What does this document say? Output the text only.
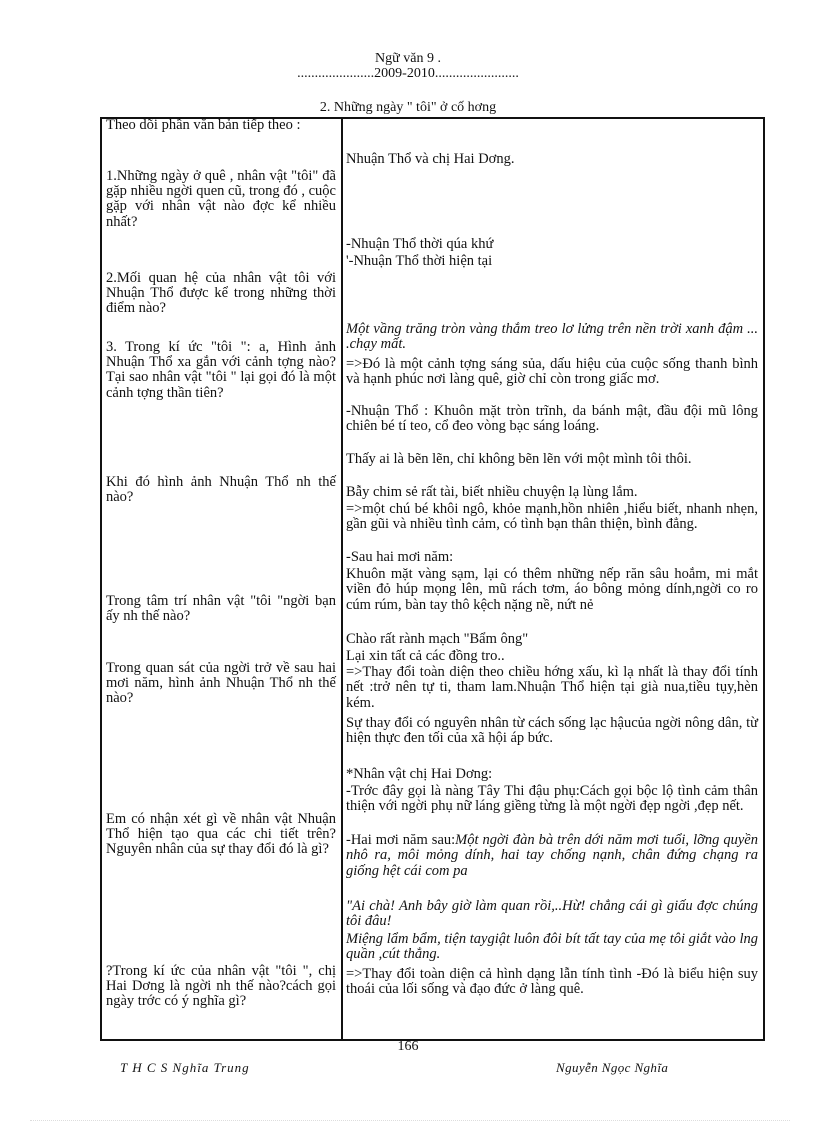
Ngữ văn 9 .
......................2009-2010........................
2. Những ngày " tôi" ở cố hơng
Theo dõi phần văn bản tiếp theo :
1.Những ngày ở quê , nhân vật "tôi" đã gặp nhiều ngời quen cũ, trong đó , cuộc gặp với nhân vật nào đợc kể nhiều nhất?
2.Mối quan hệ của nhân vật tôi với Nhuận Thổ được kể trong những thời điểm nào?
3. Trong kí ức "tôi ": a, Hình ảnh Nhuận Thổ xa gắn với cảnh tợng nào? Tại sao nhân vật "tôi " lại gọi đó là một cảnh tợng thần tiên?
Khi đó hình ảnh Nhuận Thổ nh thế nào?
Trong tâm trí nhân vật "tôi "ngời bạn ấy nh thế nào?
Trong quan sát của ngời trở về sau hai mơi năm, hình ảnh Nhuận Thổ nh thế nào?
Em có nhận xét gì về nhân vật Nhuận Thổ hiện tạo qua các chi tiết trên? Nguyên nhân của sự thay đổi đó là gì?
?Trong kí ức của nhân vật "tôi ", chị Hai Dơng là ngời nh thế nào?cách gọi ngày trớc có ý nghĩa gì?
Nhuận Thổ và chị Hai Dơng.
-Nhuận Thổ thời qúa khứ
'-Nhuận Thổ thời hiện tại
Một vầng trăng tròn vàng thắm treo lơ lửng trên nền trời xanh đậm ... .chạy mất.
=>Đó là một cảnh tợng sáng sủa, dấu hiệu của cuộc sống thanh bình và hạnh phúc nơi làng quê, giờ chỉ còn trong giấc mơ.
-Nhuận Thổ : Khuôn mặt tròn trĩnh, da bánh mật, đầu đội mũ lông chiên bé tí teo, cổ đeo vòng bạc sáng loáng.
Thấy ai là bẽn lẽn, chỉ không bẽn lẽn với một mình tôi thôi.
Bẫy chim sẻ rất tài, biết nhiều chuyện lạ lùng lắm.
=>một chú bé khôi ngô, khỏe mạnh,hồn nhiên ,hiểu biết, nhanh nhẹn, gần gũi và nhiều tình cảm, có tình bạn thân thiện, bình đẳng.
-Sau hai mơi năm:
Khuôn mặt vàng sạm, lại có thêm những nếp răn sâu hoắm, mi mắt viền đỏ húp mọng lên, mũ rách tơm, áo bông mỏng dính,ngời co ro cúm rúm, bàn tay thô kệch nặng nề, nứt nẻ
Chào rất rành mạch "Bẩm ông"
Lại xin tất cả các đồng tro..
=>Thay đổi toàn diện theo chiều hớng xấu, kì lạ nhất là thay đổi tính nết :trở nên tự ti, tham lam.Nhuận Thổ hiện tại già nua,tiều tụy,hèn kém.
Sự thay đổi có nguyên nhân từ cách sống lạc hậucủa ngời nông dân, từ hiện thực đen tối của xã hội áp bức.
*Nhân vật chị Hai Dơng:
-Trớc đây gọi là nàng Tây Thi đậu phụ:Cách gọi bộc lộ tình cảm thân thiện với ngời phụ nữ láng giềng từng là một ngời đẹp ngời ,đẹp nết.
-Hai mơi năm sau:Một ngời đàn bà trên dới năm mơi tuổi, lỡng quyền nhô ra, môi mỏng dính, hai tay chống nạnh, chân đứng chạng ra giống hệt cái com pa
"Ai chà! Anh bây giờ làm quan rồi,..Hừ! chẳng cái gì giấu đợc chúng tôi đâu!
Miệng lẩm bẩm, tiện taygiật luôn đôi bít tất tay của mẹ tôi giắt vào lng quần ,cút thẳng.
=>Thay đổi toàn diện cả hình dạng lẫn tính tình -Đó là biểu hiện suy thoái của lối sống và đạo đức ở làng quê.
166
T H C S Nghĩa Trung	Nguyễn Ngọc Nghĩa
